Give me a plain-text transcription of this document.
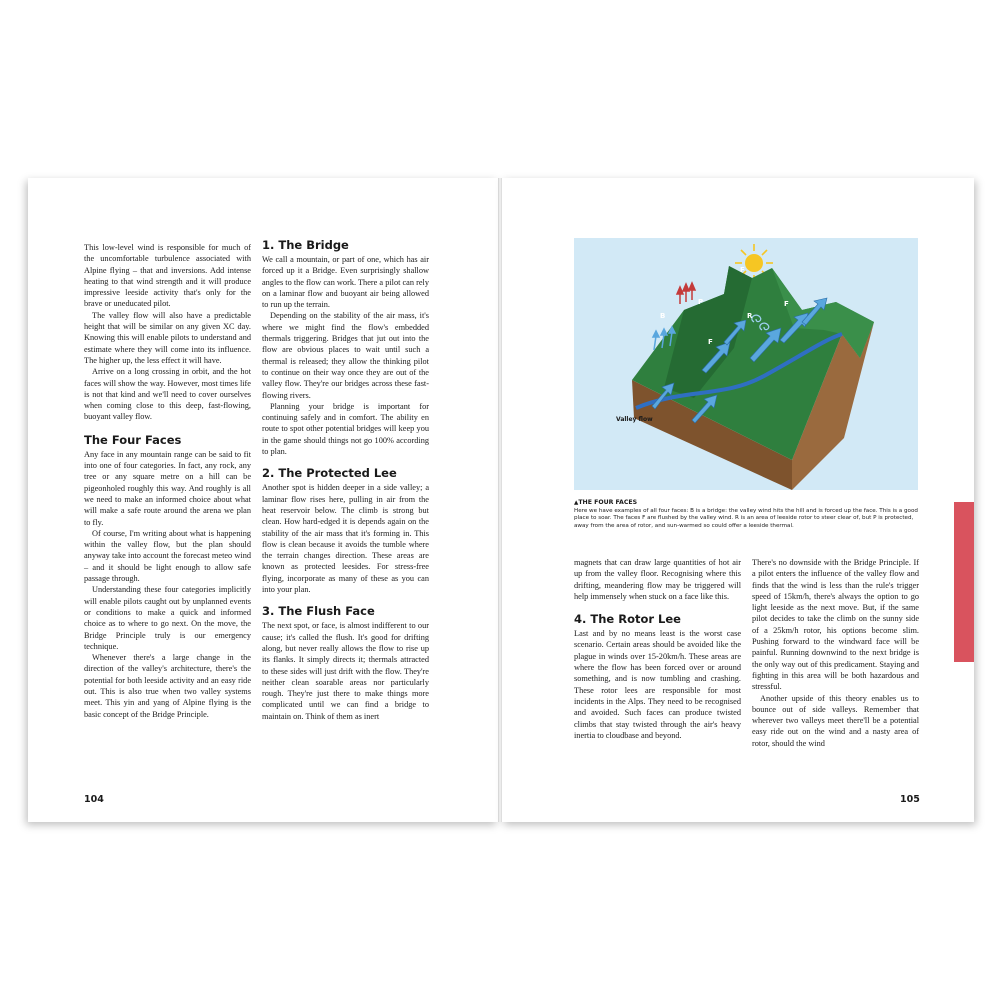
This low-level wind is responsible for much of the uncomfortable turbulence associated with Alpine flying – that and inversions. Add intense heating to that wind strength and it will produce impressive leeside activity that's only for the brave or uneducated pilot.

The valley flow will also have a predictable height that will be similar on any given XC day. Knowing this will enable pilots to understand and estimate where they will come into its influence. The higher up, the less effect it will have.

Arrive on a long crossing in orbit, and the hot faces will show the way. However, most times life is not that kind and we'll need to cover ourselves when coming close to this deep, fast-flowing, buoyant valley flow.

The Four Faces

Any face in any mountain range can be said to fit into one of four categories. In fact, any rock, any tree or any square metre on a hill can be pigeonholed roughly this way. And roughly is all we need to make an informed choice about what will make a safe route around the arena we plan to fly.

Of course, I'm writing about what is happening within the valley flow, but the plan should anyway take into account the forecast meteo wind – and it should be light enough to allow safe passage through.

Understanding these four categories implicitly will enable pilots caught out by unplanned events or conditions to make a quick and informed choice as to where to go next. On the move, the Bridge Principle truly is our emergency technique.

Whenever there's a large change in the direction of the valley's architecture, there's the potential for both leeside activity and an easy ride out. This is also true when two valley systems meet. This yin and yang of Alpine flying is the basic concept of the Bridge Principle.

1. The Bridge

We call a mountain, or part of one, which has air forced up it a Bridge. Even surprisingly shallow angles to the flow can work. There a pilot can rely on a laminar flow and buoyant air being allowed to run up the terrain.

Depending on the stability of the air mass, it's where we might find the flow's embedded thermals triggering. Bridges that jut out into the flow are obvious places to wait until such a thermal is released; they allow the thinking pilot to continue on their way once they are out of the valley flow. They're our bridges across these fast-flowing rivers.

Planning your bridge is important for continuing safely and in comfort. The ability en route to spot other potential bridges will keep you in the game should things not go 100% according to plan.

2. The Protected Lee

Another spot is hidden deeper in a side valley; a laminar flow rises here, pulling in air from the heat reservoir below. The climb is strong but clean. How hard-edged it is depends again on the stability of the air mass that it's forming in. This flow is clean because it avoids the tumble where the terrain changes direction. These areas are known as protected leesides. For stress-free flying, incorporate as many of these as you can into your plan.

3. The Flush Face

The next spot, or face, is almost indifferent to our cause; it's called the flush. It's good for drifting along, but never really allows the flow to rise up its flanks. It simply directs it; thermals attracted to these sides will just drift with the flow. They're neither clean soarable areas nor particularly rough. They're just there to make things more complicated until we can find a bridge to maintain on. Think of them as inert

104
B
P
R
F
F
F
Valley flow
▲THE FOUR FACES
Here we have examples of all four faces: B is a bridge: the valley wind hits the hill and is forced up the face. This is a good place to soar. The faces F are flushed by the valley wind. R is an area of leeside rotor to steer clear of, but P is protected, away from the area of rotor, and sun-warmed so could offer a leeside thermal.

magnets that can draw large quantities of hot air up from the valley floor. Recognising where this drifting, meandering flow may be triggered will help immensely when stuck on a face like this.

4. The Rotor Lee

Last and by no means least is the worst case scenario. Certain areas should be avoided like the plague in winds over 15-20km/h. These areas are where the flow has been forced over or around something, and is now tumbling and crashing. These rotor lees are responsible for most incidents in the Alps. They need to be recognised and avoided. Such faces can produce twisted climbs that stay twisted through the air's heavy inertia to cloudbase and beyond.

There's no downside with the Bridge Principle. If a pilot enters the influence of the valley flow and finds that the wind is less than the rule's trigger speed of 15km/h, there's always the option to go light leeside as the next move. But, if the same pilot decides to take the climb on the sunny side of a 25km/h rotor, his options become slim. Pushing forward to the windward face will be painful. Running downwind to the next bridge is the only way out of this predicament. Staying and fighting in this area will be both hazardous and stressful.

Another upside of this theory enables us to bounce out of side valleys. Remember that wherever two valleys meet there'll be a potential easy ride out on the wind and a nasty area of rotor, should the wind

105
